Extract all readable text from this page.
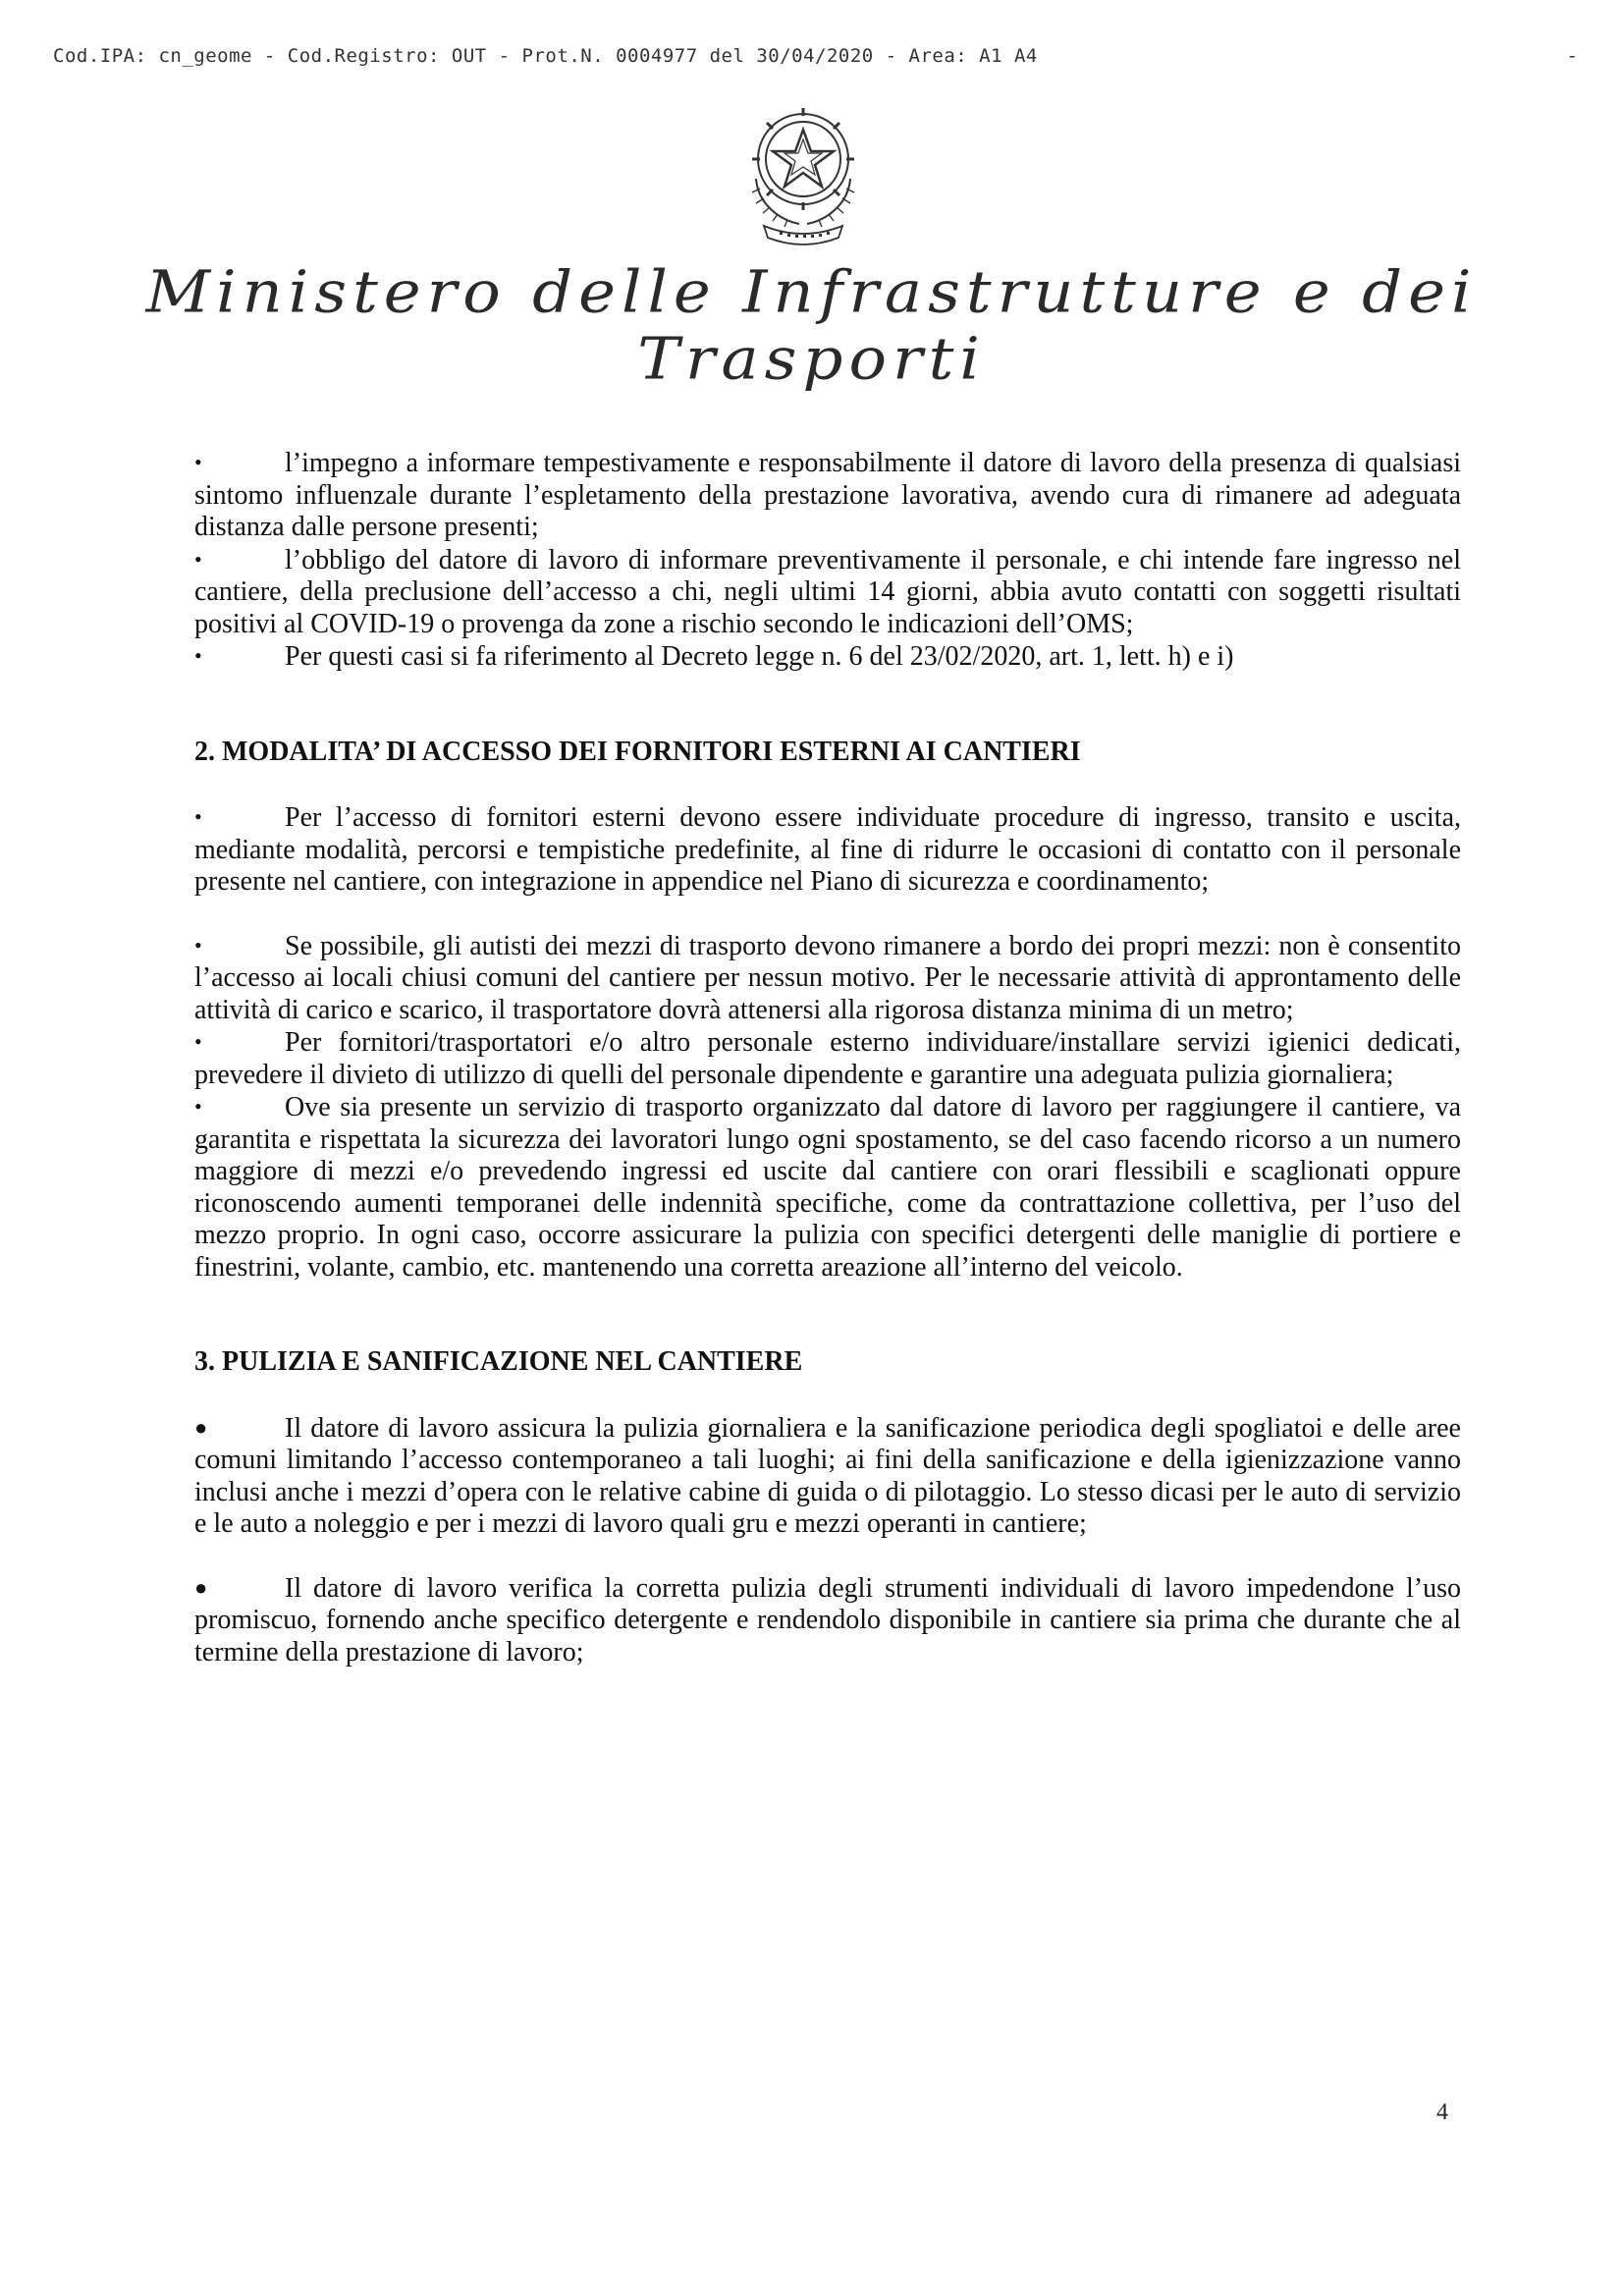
Cod.IPA: cn_geome - Cod.Registro: OUT - Prot.N. 0004977 del 30/04/2020 - Area: A1 A4	-
Ministero delle Infrastrutture e dei Trasporti

•	l’impegno a informare tempestivamente e responsabilmente il datore di lavoro della presenza di qualsiasi sintomo influenzale durante l’espletamento della prestazione lavorativa, avendo cura di rimanere ad adeguata distanza dalle persone presenti;

•	l’obbligo del datore di lavoro di informare preventivamente il personale, e chi intende fare ingresso nel cantiere, della preclusione dell’accesso a chi, negli ultimi 14 giorni, abbia avuto contatti con soggetti risultati positivi al COVID-19 o provenga da zone a rischio secondo le indicazioni dell’OMS;

•	Per questi casi si fa riferimento al Decreto legge n. 6 del 23/02/2020, art. 1, lett. h) e i)

2. MODALITA’ DI ACCESSO DEI FORNITORI ESTERNI AI CANTIERI

•	Per l’accesso di fornitori esterni devono essere individuate procedure di ingresso, transito e uscita, mediante modalità, percorsi e tempistiche predefinite, al fine di ridurre le occasioni di contatto con il personale presente nel cantiere, con integrazione in appendice nel Piano di sicurezza e coordinamento;

•	Se possibile, gli autisti dei mezzi di trasporto devono rimanere a bordo dei propri mezzi: non è consentito l’accesso ai locali chiusi comuni del cantiere per nessun motivo. Per le necessarie attività di approntamento delle attività di carico e scarico, il trasportatore dovrà attenersi alla rigorosa distanza minima di un metro;

•	Per fornitori/trasportatori e/o altro personale esterno individuare/installare servizi igienici dedicati, prevedere il divieto di utilizzo di quelli del personale dipendente e garantire una adeguata pulizia giornaliera;

•	Ove sia presente un servizio di trasporto organizzato dal datore di lavoro per raggiungere il cantiere, va garantita e rispettata la sicurezza dei lavoratori lungo ogni spostamento, se del caso facendo ricorso a un numero maggiore di mezzi e/o prevedendo ingressi ed uscite dal cantiere con orari flessibili e scaglionati oppure riconoscendo aumenti temporanei delle indennità specifiche, come da contrattazione collettiva, per l’uso del mezzo proprio. In ogni caso, occorre assicurare la pulizia con specifici detergenti delle maniglie di portiere e finestrini, volante, cambio, etc. mantenendo una corretta areazione all’interno del veicolo.

3. PULIZIA E SANIFICAZIONE NEL CANTIERE

●	Il datore di lavoro assicura la pulizia giornaliera e la sanificazione periodica degli spogliatoi e delle aree comuni limitando l’accesso contemporaneo a tali luoghi; ai fini della sanificazione e della igienizzazione vanno inclusi anche i mezzi d’opera con le relative cabine di guida o di pilotaggio. Lo stesso dicasi per le auto di servizio e le auto a noleggio e per i mezzi di lavoro quali gru e mezzi operanti in cantiere;

●	Il datore di lavoro verifica la corretta pulizia degli strumenti individuali di lavoro impedendone l’uso promiscuo, fornendo anche specifico detergente e rendendolo disponibile in cantiere sia prima che durante che al termine della prestazione di lavoro;

4
